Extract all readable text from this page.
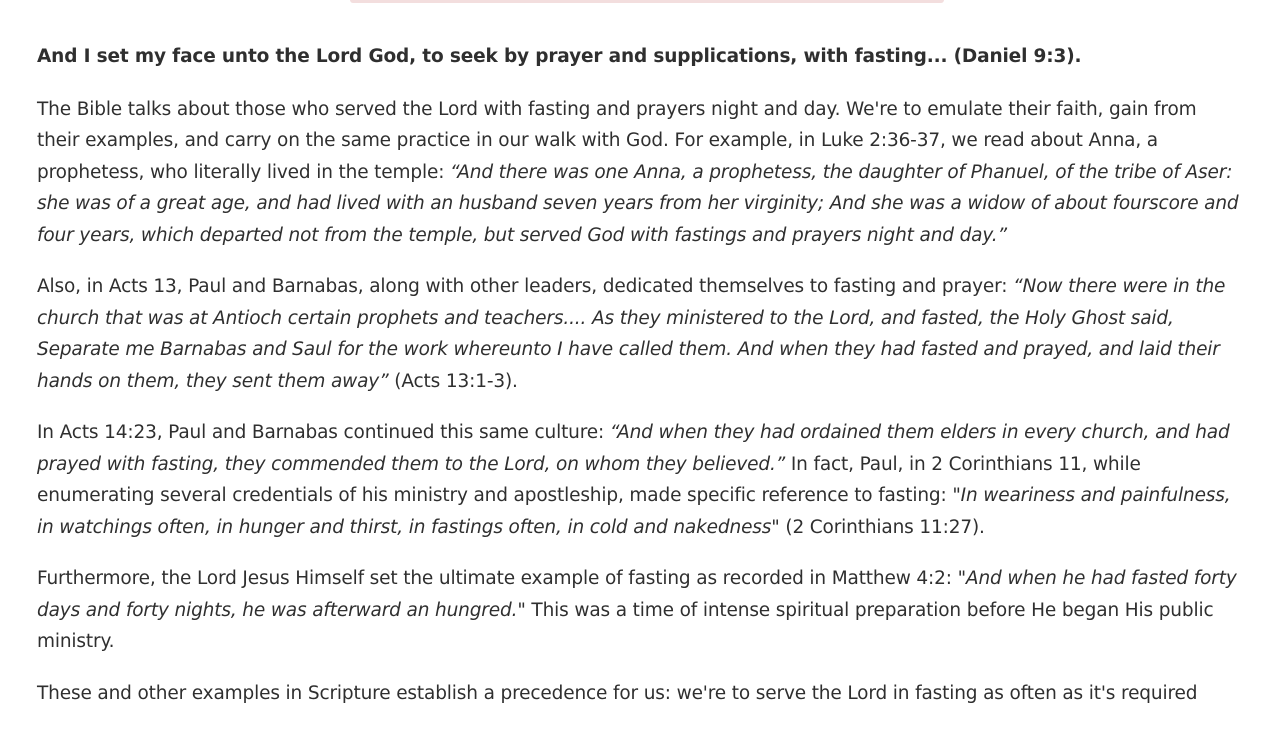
And I set my face unto the Lord God, to seek by prayer and supplications, with fasting... (Daniel 9:3).

The Bible talks about those who served the Lord with fasting and prayers night and day. We're to emulate their faith, gain from their examples, and carry on the same practice in our walk with God. For example, in Luke 2:36-37, we read about Anna, a prophetess, who literally lived in the temple: “And there was one Anna, a prophetess, the daughter of Phanuel, of the tribe of Aser: she was of a great age, and had lived with an husband seven years from her virginity; And she was a widow of about fourscore and four years, which departed not from the temple, but served God with fastings and prayers night and day.”

Also, in Acts 13, Paul and Barnabas, along with other leaders, dedicated themselves to fasting and prayer: “Now there were in the church that was at Antioch certain prophets and teachers.... As they ministered to the Lord, and fasted, the Holy Ghost said, Separate me Barnabas and Saul for the work whereunto I have called them. And when they had fasted and prayed, and laid their hands on them, they sent them away” (Acts 13:1-3).

In Acts 14:23, Paul and Barnabas continued this same culture: “And when they had ordained them elders in every church, and had prayed with fasting, they commended them to the Lord, on whom they believed.” In fact, Paul, in 2 Corinthians 11, while enumerating several credentials of his ministry and apostleship, made specific reference to fasting: "In weariness and painfulness, in watchings often, in hunger and thirst, in fastings often, in cold and nakedness" (2 Corinthians 11:27).

Furthermore, the Lord Jesus Himself set the ultimate example of fasting as recorded in Matthew 4:2: "And when he had fasted forty days and forty nights, he was afterward an hungred." This was a time of intense spiritual preparation before He began His public ministry.

These and other examples in Scripture establish a precedence for us: we're to serve the Lord in fasting as often as it's required
